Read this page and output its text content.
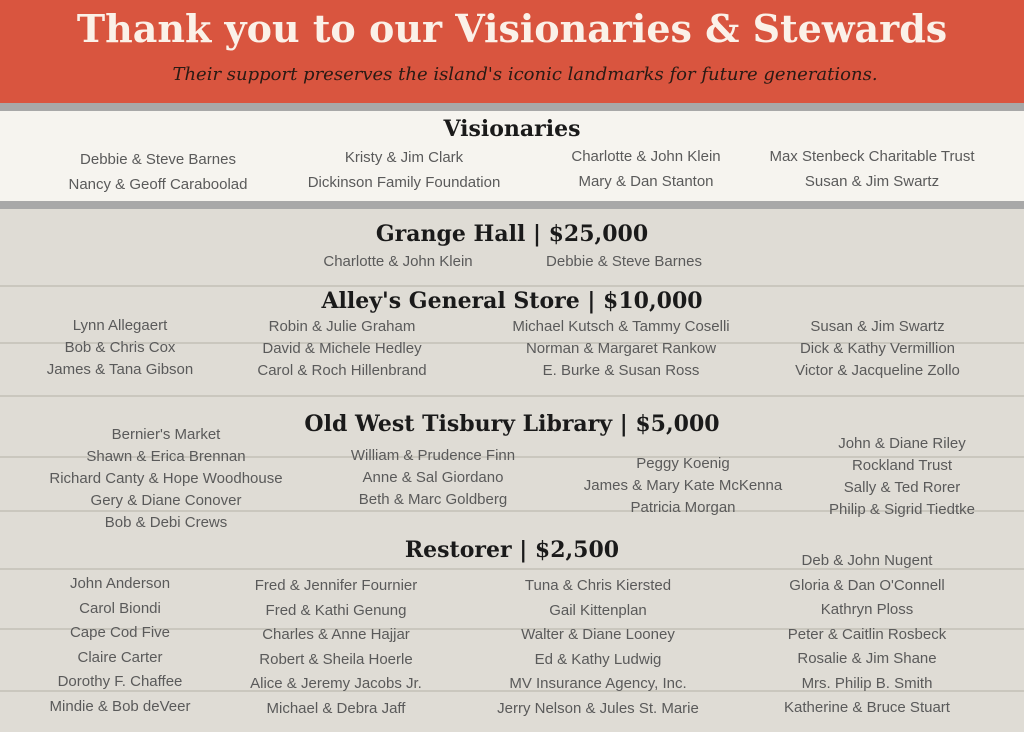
Thank you to our Visionaries & Stewards
Their support preserves the island's iconic landmarks for future generations.
Visionaries
Debbie & Steve Barnes
Nancy & Geoff Caraboolad
Kristy & Jim Clark
Dickinson Family Foundation
Charlotte & John Klein
Mary & Dan Stanton
Max Stenbeck Charitable Trust
Susan & Jim Swartz
Grange Hall | $25,000
Charlotte & John Klein	Debbie & Steve Barnes
Alley's General Store | $10,000
Lynn Allegaert
Bob & Chris Cox
James & Tana Gibson
Robin & Julie Graham
David & Michele Hedley
Carol & Roch Hillenbrand
Michael Kutsch & Tammy Coselli
Norman & Margaret Rankow
E. Burke & Susan Ross
Susan & Jim Swartz
Dick & Kathy Vermillion
Victor & Jacqueline Zollo
Old West Tisbury Library | $5,000
Bernier's Market
Shawn & Erica Brennan
Richard Canty & Hope Woodhouse
Gery & Diane Conover
Bob & Debi Crews
William & Prudence Finn
Anne & Sal Giordano
Beth & Marc Goldberg
Peggy Koenig
James & Mary Kate McKenna
Patricia Morgan
John & Diane Riley
Rockland Trust
Sally & Ted Rorer
Philip & Sigrid Tiedtke
Restorer | $2,500
John Anderson
Carol Biondi
Cape Cod Five
Claire Carter
Dorothy F. Chaffee
Mindie & Bob deVeer
Fred & Jennifer Fournier
Fred & Kathi Genung
Charles & Anne Hajjar
Robert & Sheila Hoerle
Alice & Jeremy Jacobs Jr.
Michael & Debra Jaff
Tuna & Chris Kiersted
Gail Kittenplan
Walter & Diane Looney
Ed & Kathy Ludwig
MV Insurance Agency, Inc.
Jerry Nelson & Jules St. Marie
Deb & John Nugent
Gloria & Dan O'Connell
Kathryn Ploss
Peter & Caitlin Rosbeck
Rosalie & Jim Shane
Mrs. Philip B. Smith
Katherine & Bruce Stuart
